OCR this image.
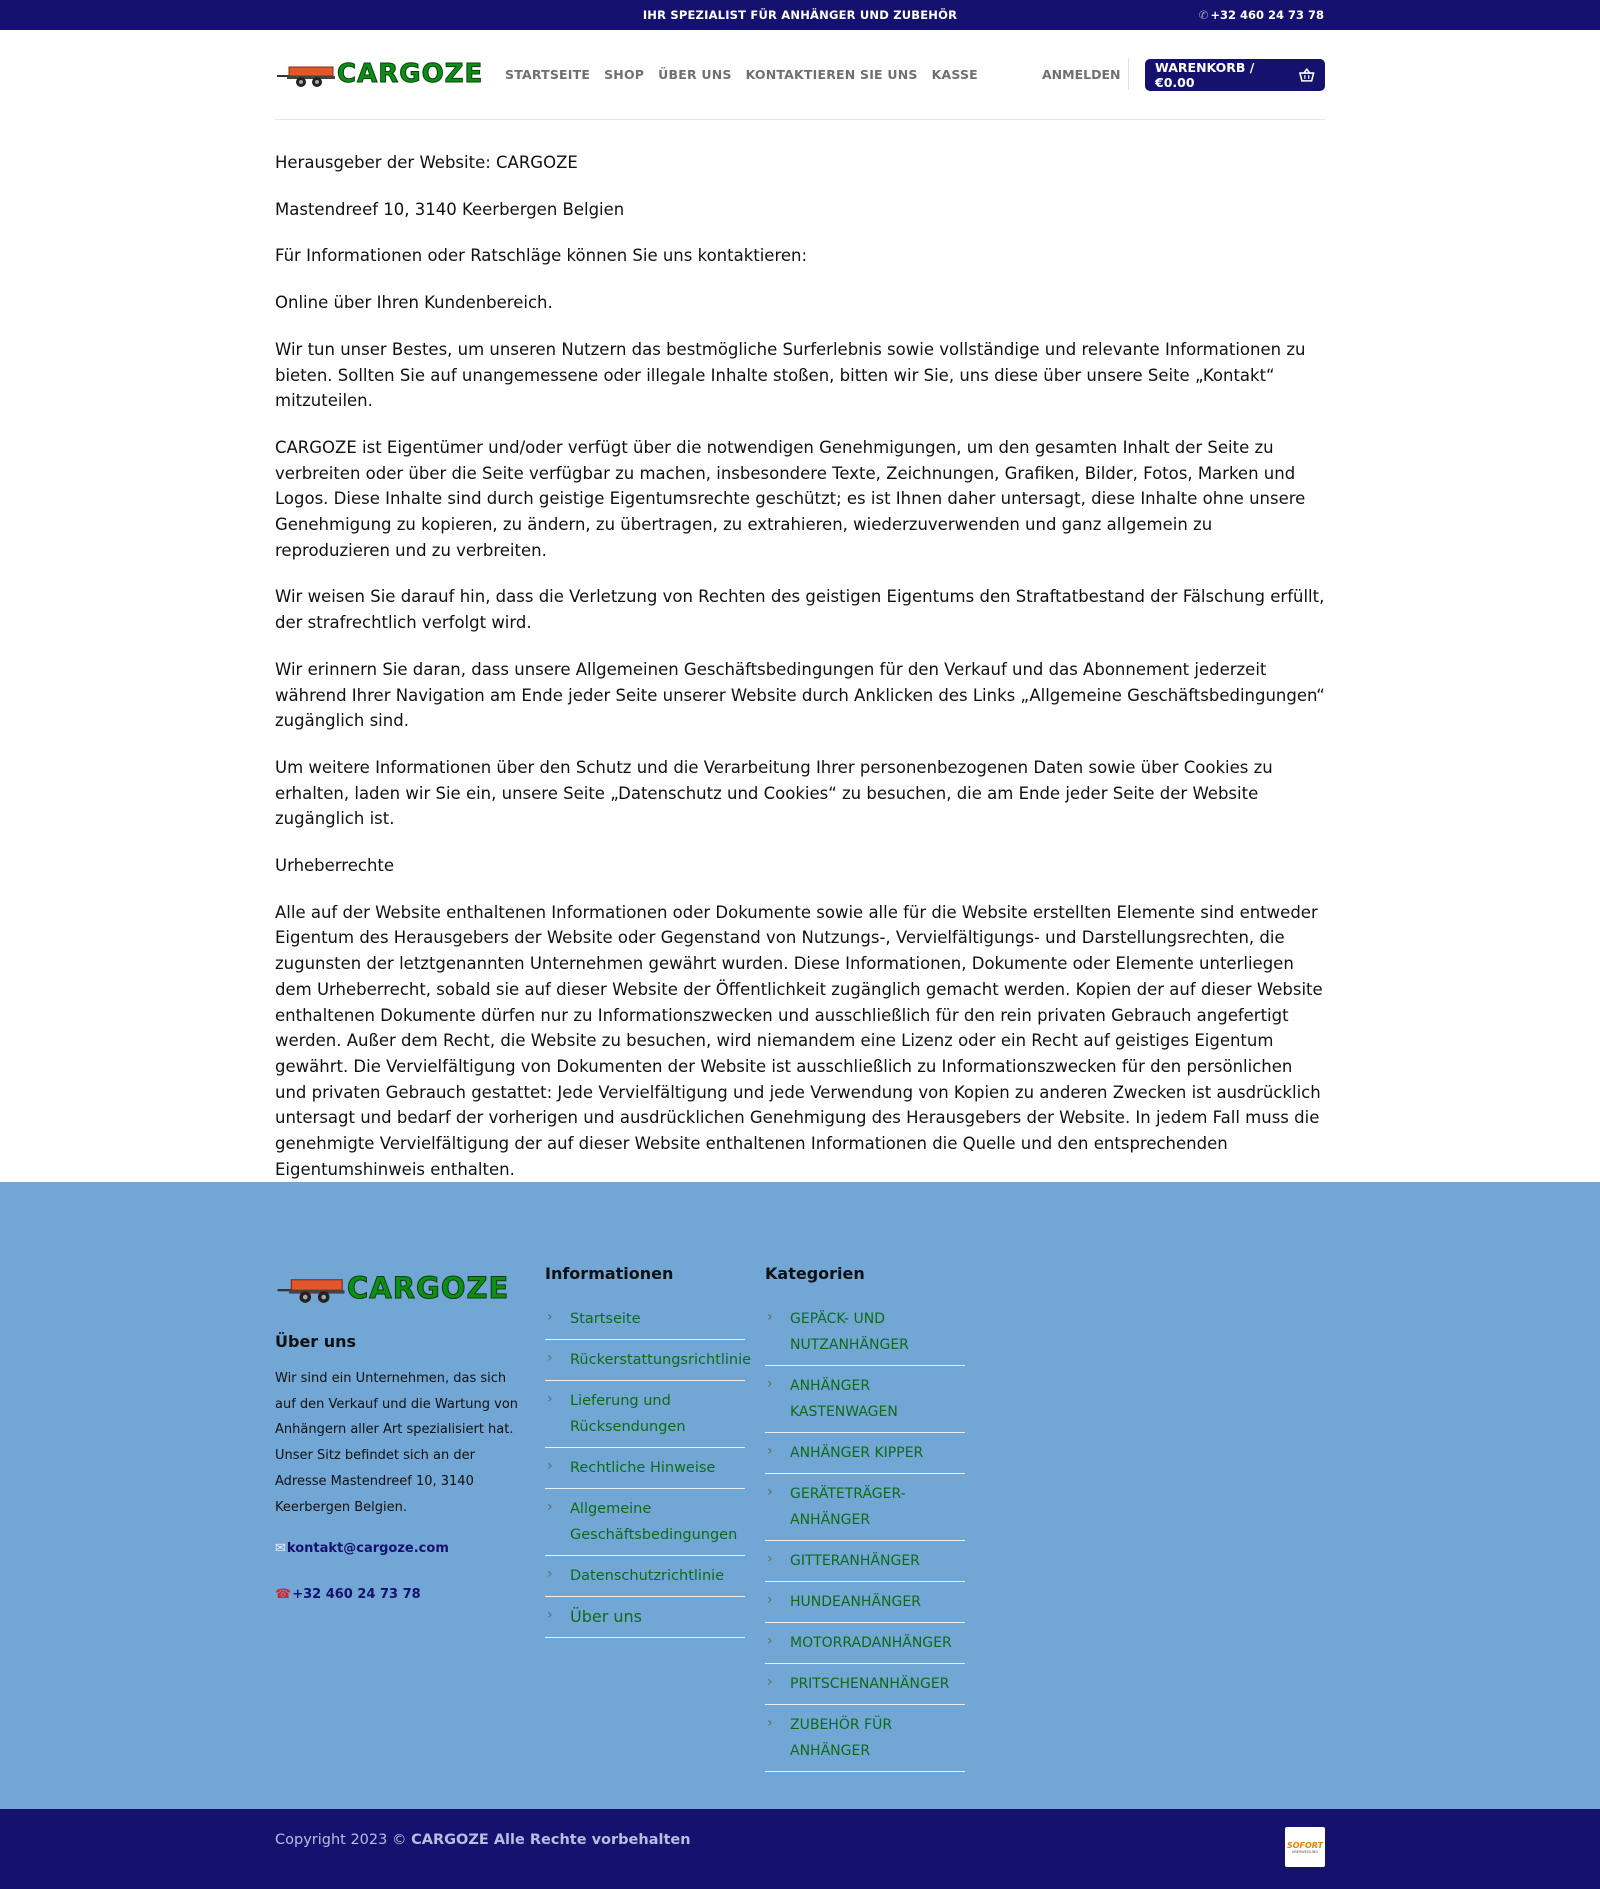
IHR SPEZIALIST FÜR ANHÄNGER UND ZUBEHÖR	✆ +32 460 24 73 78
CARGOZE STARTSEITE SHOP ÜBER UNS KONTAKTIEREN SIE UNS KASSE	ANMELDEN	WARENKORB / €0.00

Herausgeber der Website: CARGOZE

Mastendreef 10, 3140 Keerbergen Belgien

Für Informationen oder Ratschläge können Sie uns kontaktieren:

Online über Ihren Kundenbereich.

Wir tun unser Bestes, um unseren Nutzern das bestmögliche Surferlebnis sowie vollständige und relevante Informationen zu bieten. Sollten Sie auf unangemessene oder illegale Inhalte stoßen, bitten wir Sie, uns diese über unsere Seite „Kontakt“ mitzuteilen.

CARGOZE ist Eigentümer und/oder verfügt über die notwendigen Genehmigungen, um den gesamten Inhalt der Seite zu verbreiten oder über die Seite verfügbar zu machen, insbesondere Texte, Zeichnungen, Grafiken, Bilder, Fotos, Marken und Logos. Diese Inhalte sind durch geistige Eigentumsrechte geschützt; es ist Ihnen daher untersagt, diese Inhalte ohne unsere Genehmigung zu kopieren, zu ändern, zu übertragen, zu extrahieren, wiederzuverwenden und ganz allgemein zu reproduzieren und zu verbreiten.

Wir weisen Sie darauf hin, dass die Verletzung von Rechten des geistigen Eigentums den Straftatbestand der Fälschung erfüllt, der strafrechtlich verfolgt wird.

Wir erinnern Sie daran, dass unsere Allgemeinen Geschäftsbedingungen für den Verkauf und das Abonnement jederzeit während Ihrer Navigation am Ende jeder Seite unserer Website durch Anklicken des Links „Allgemeine Geschäftsbedingungen“ zugänglich sind.

Um weitere Informationen über den Schutz und die Verarbeitung Ihrer personenbezogenen Daten sowie über Cookies zu erhalten, laden wir Sie ein, unsere Seite „Datenschutz und Cookies“ zu besuchen, die am Ende jeder Seite der Website zugänglich ist.

Urheberrechte

Alle auf der Website enthaltenen Informationen oder Dokumente sowie alle für die Website erstellten Elemente sind entweder Eigentum des Herausgebers der Website oder Gegenstand von Nutzungs-, Vervielfältigungs- und Darstellungsrechten, die zugunsten der letztgenannten Unternehmen gewährt wurden. Diese Informationen, Dokumente oder Elemente unterliegen dem Urheberrecht, sobald sie auf dieser Website der Öffentlichkeit zugänglich gemacht werden. Kopien der auf dieser Website enthaltenen Dokumente dürfen nur zu Informationszwecken und ausschließlich für den rein privaten Gebrauch angefertigt werden. Außer dem Recht, die Website zu besuchen, wird niemandem eine Lizenz oder ein Recht auf geistiges Eigentum gewährt. Die Vervielfältigung von Dokumenten der Website ist ausschließlich zu Informationszwecken für den persönlichen und privaten Gebrauch gestattet: Jede Vervielfältigung und jede Verwendung von Kopien zu anderen Zwecken ist ausdrücklich untersagt und bedarf der vorherigen und ausdrücklichen Genehmigung des Herausgebers der Website. In jedem Fall muss die genehmigte Vervielfältigung der auf dieser Website enthaltenen Informationen die Quelle und den entsprechenden Eigentumshinweis enthalten.

CARGOZE
Über uns
Wir sind ein Unternehmen, das sich auf den Verkauf und die Wartung von Anhängern aller Art spezialisiert hat. Unser Sitz befindet sich an der Adresse Mastendreef 10, 3140 Keerbergen Belgien.
✉kontakt@cargoze.com
☎+32 460 24 73 78
Informationen
› Startseite
› Rückerstattungsrichtlinie
› Lieferung und Rücksendungen
› Rechtliche Hinweise
› Allgemeine Geschäftsbedingungen
› Datenschutzrichtlinie
› Über uns
Kategorien
› GEPÄCK- UND NUTZANHÄNGER
› ANHÄNGER KASTENWAGEN
› ANHÄNGER KIPPER
› GERÄTETRÄGER-ANHÄNGER
› GITTERANHÄNGER
› HUNDEANHÄNGER
› MOTORRADANHÄNGER
› PRITSCHENANHÄNGER
› ZUBEHÖR FÜR ANHÄNGER
Copyright 2023 © CARGOZE Alle Rechte vorbehalten	SOFORT
ÜBERWEISUNG
